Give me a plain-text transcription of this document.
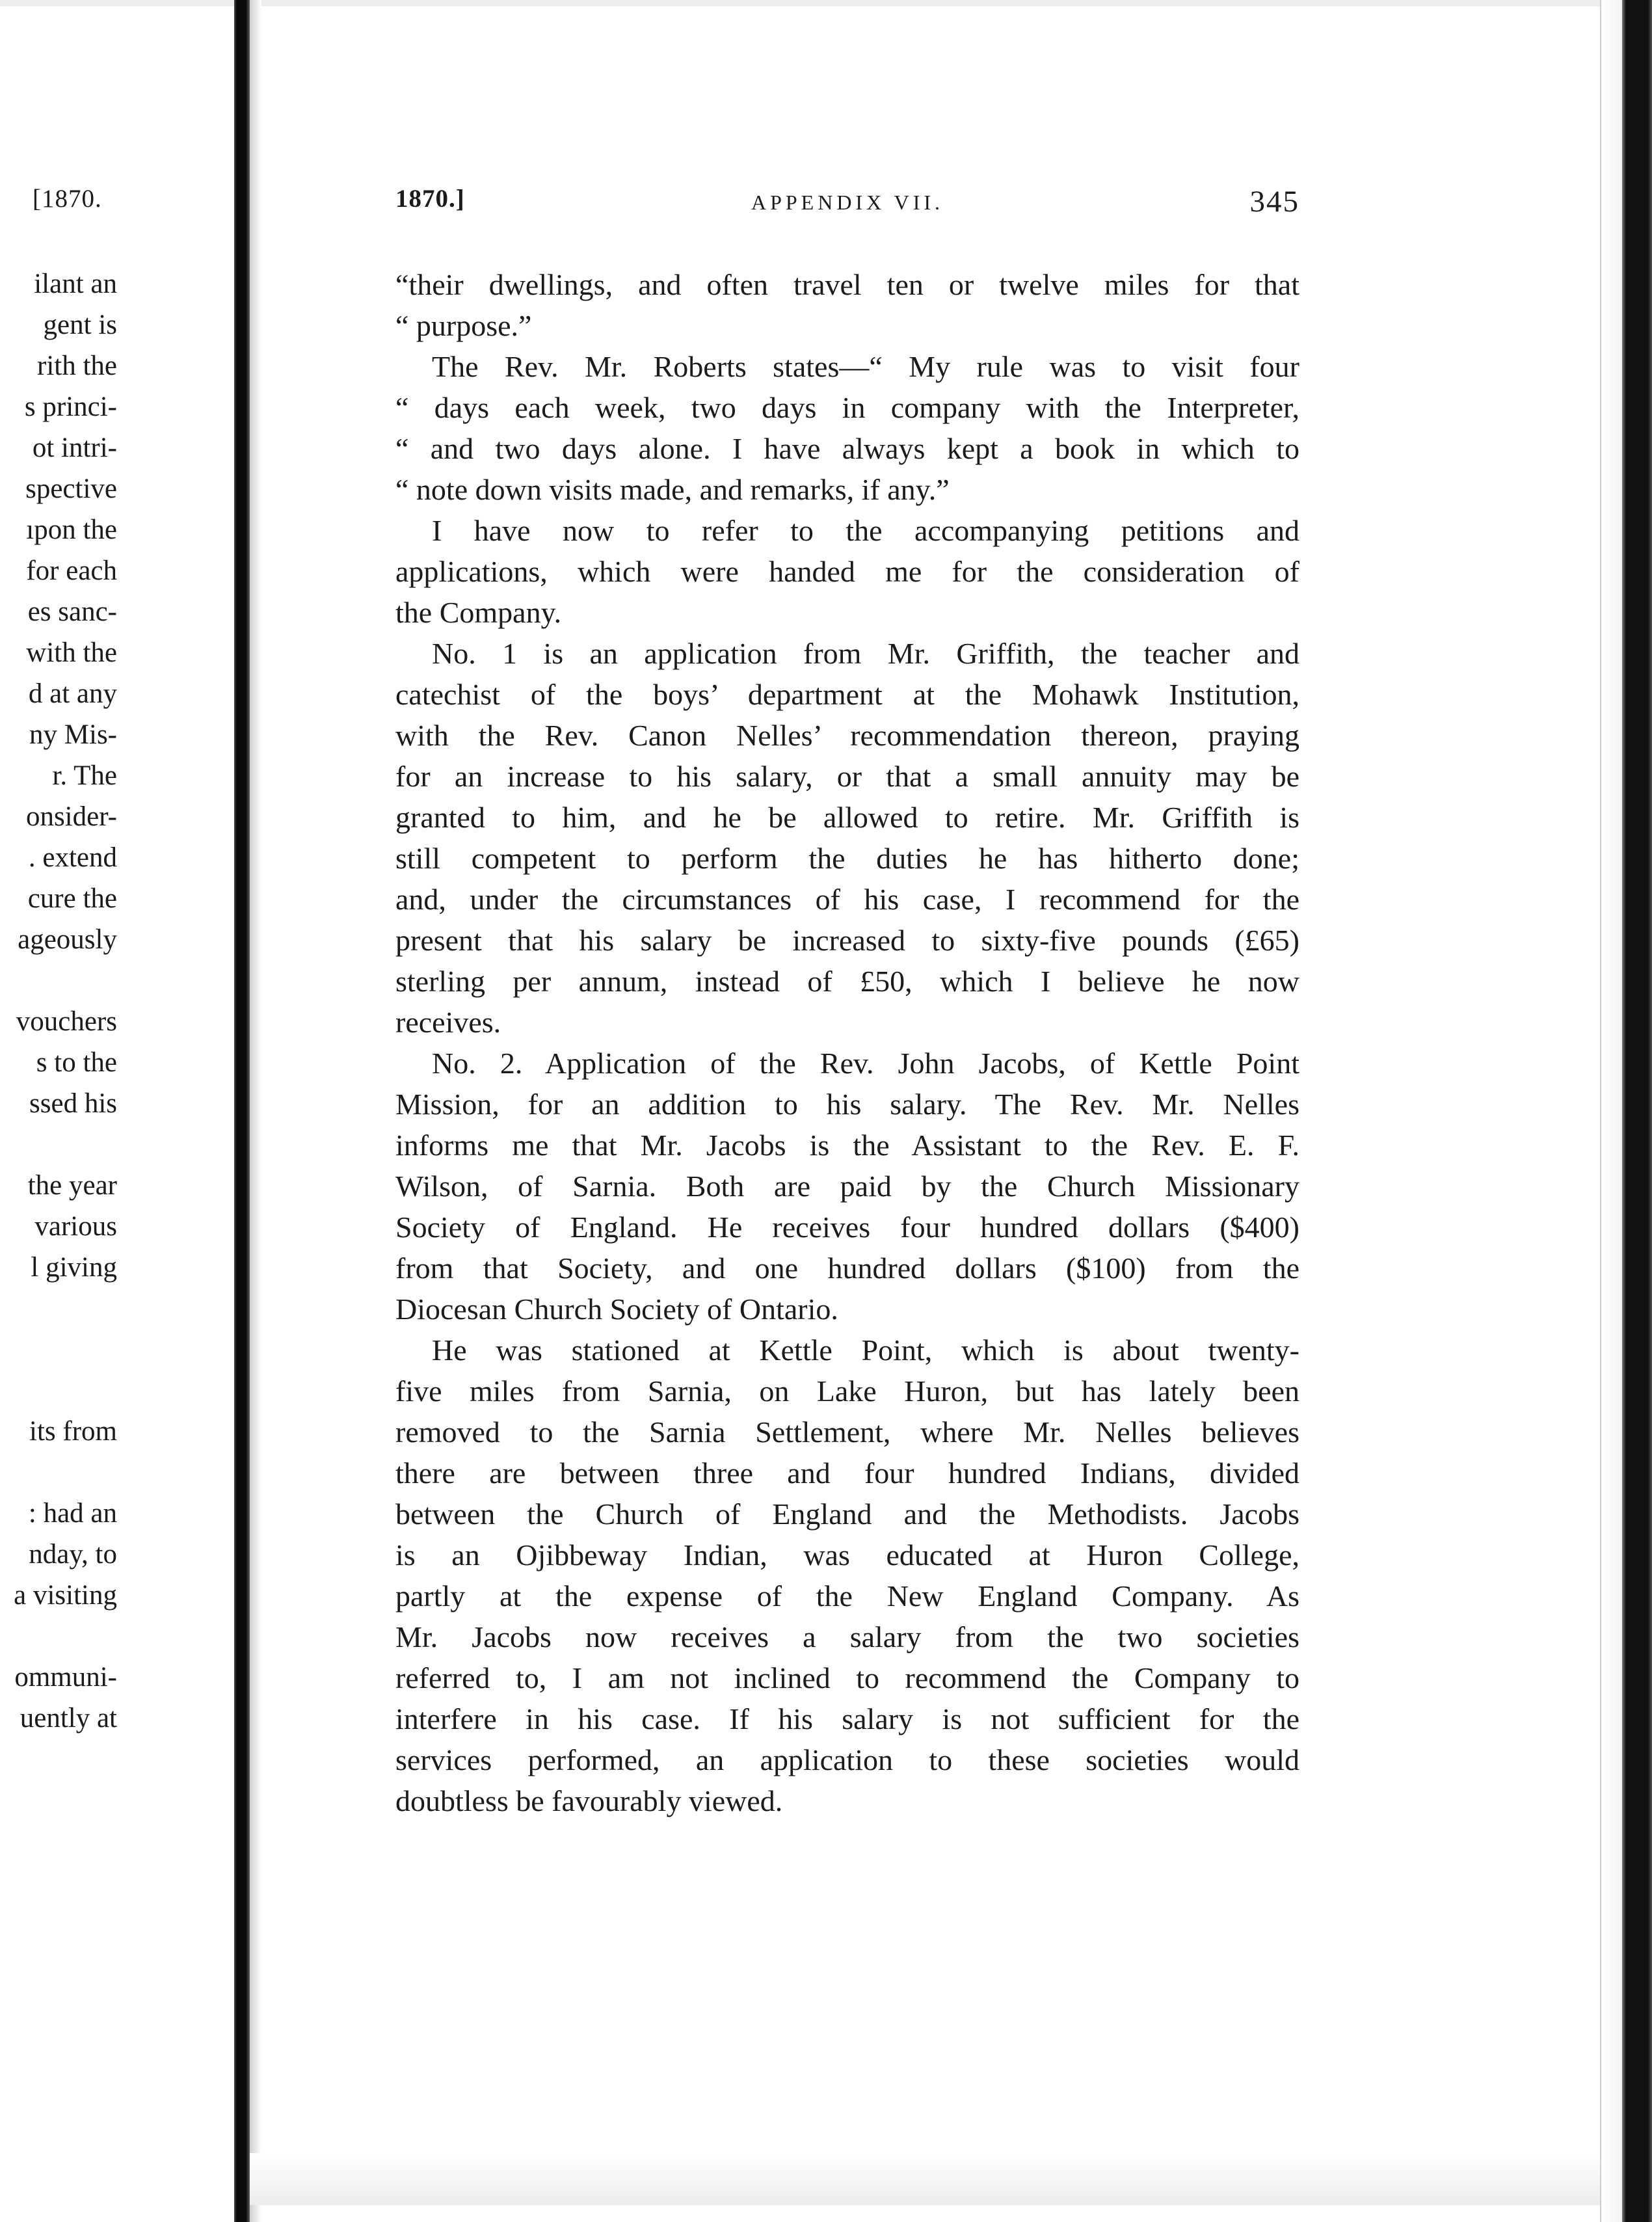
[1870.
ilant an
gent is
rith the
s princi-
ot intri-
spective
ıpon the
for each
es sanc-
with the
d at any
ny Mis-
r. The
onsider-
. extend
cure the
ageously
vouchers
s to the
ssed his
the year
various
l giving
its from
: had an
nday, to
a visiting
ommuni-
uently at
1870.]	APPENDIX VII.	345
“their dwellings, and often travel ten or twelve miles for that
“ purpose.”
The Rev. Mr. Roberts states—“ My rule was to visit four
“ days each week, two days in company with the Interpreter,
“ and two days alone. I have always kept a book in which to
“ note down visits made, and remarks, if any.”
I have now to refer to the accompanying petitions and
applications, which were handed me for the consideration of
the Company.
No. 1 is an application from Mr. Griffith, the teacher and
catechist of the boys’ department at the Mohawk Institution,
with the Rev. Canon Nelles’ recommendation thereon, praying
for an increase to his salary, or that a small annuity may be
granted to him, and he be allowed to retire. Mr. Griffith is
still competent to perform the duties he has hitherto done;
and, under the circumstances of his case, I recommend for the
present that his salary be increased to sixty-five pounds (£65)
sterling per annum, instead of £50, which I believe he now
receives.
No. 2. Application of the Rev. John Jacobs, of Kettle Point
Mission, for an addition to his salary. The Rev. Mr. Nelles
informs me that Mr. Jacobs is the Assistant to the Rev. E. F.
Wilson, of Sarnia. Both are paid by the Church Missionary
Society of England. He receives four hundred dollars ($400)
from that Society, and one hundred dollars ($100) from the
Diocesan Church Society of Ontario.
He was stationed at Kettle Point, which is about twenty-
five miles from Sarnia, on Lake Huron, but has lately been
removed to the Sarnia Settlement, where Mr. Nelles believes
there are between three and four hundred Indians, divided
between the Church of England and the Methodists. Jacobs
is an Ojibbeway Indian, was educated at Huron College,
partly at the expense of the New England Company. As
Mr. Jacobs now receives a salary from the two societies
referred to, I am not inclined to recommend the Company to
interfere in his case. If his salary is not sufficient for the
services performed, an application to these societies would
doubtless be favourably viewed.
